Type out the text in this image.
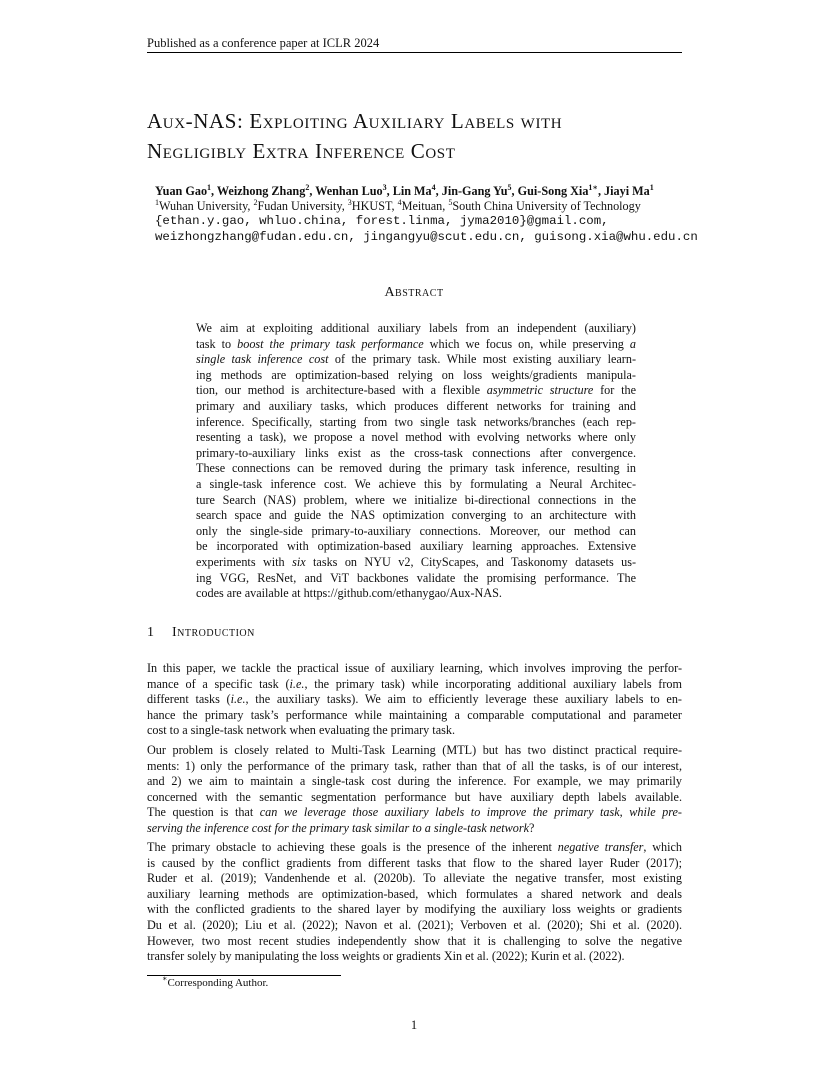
Published as a conference paper at ICLR 2024
Aux-NAS: Exploiting Auxiliary Labels with
Negligibly Extra Inference Cost
Yuan Gao$^1$, Weizhong Zhang$^2$, Wenhan Luo$^3$, Lin Ma$^4$, Jin-Gang Yu$^5$, Gui-Song Xia$^{1∗}$, Jiayi Ma$^1$
$^1$Wuhan University, $^2$Fudan University, $^3$HKUST, $^4$Meituan, $^5$South China University of Technology
{ethan.y.gao, whluo.china, forest.linma, jyma2010}@gmail.com,
weizhongzhang@fudan.edu.cn, jingangyu@scut.edu.cn, guisong.xia@whu.edu.cn
Abstract
We aim at exploiting additional auxiliary labels from an independent (auxiliary)
task to boost the primary task performance which we focus on, while preserving a
single task inference cost of the primary task. While most existing auxiliary learn-
ing methods are optimization-based relying on loss weights/gradients manipula-
tion, our method is architecture-based with a flexible asymmetric structure for the
primary and auxiliary tasks, which produces different networks for training and
inference. Specifically, starting from two single task networks/branches (each rep-
resenting a task), we propose a novel method with evolving networks where only
primary-to-auxiliary links exist as the cross-task connections after convergence.
These connections can be removed during the primary task inference, resulting in
a single-task inference cost. We achieve this by formulating a Neural Architec-
ture Search (NAS) problem, where we initialize bi-directional connections in the
search space and guide the NAS optimization converging to an architecture with
only the single-side primary-to-auxiliary connections. Moreover, our method can
be incorporated with optimization-based auxiliary learning approaches. Extensive
experiments with six tasks on NYU v2, CityScapes, and Taskonomy datasets us-
ing VGG, ResNet, and ViT backbones validate the promising performance. The
codes are available at https://github.com/ethanygao/Aux-NAS.
1 Introduction
In this paper, we tackle the practical issue of auxiliary learning, which involves improving the perfor-
mance of a specific task (i.e., the primary task) while incorporating additional auxiliary labels from
different tasks (i.e., the auxiliary tasks). We aim to efficiently leverage these auxiliary labels to en-
hance the primary task’s performance while maintaining a comparable computational and parameter
cost to a single-task network when evaluating the primary task.
Our problem is closely related to Multi-Task Learning (MTL) but has two distinct practical require-
ments: 1) only the performance of the primary task, rather than that of all the tasks, is of our interest,
and 2) we aim to maintain a single-task cost during the inference. For example, we may primarily
concerned with the semantic segmentation performance but have auxiliary depth labels available.
The question is that can we leverage those auxiliary labels to improve the primary task, while pre-
serving the inference cost for the primary task similar to a single-task network?
The primary obstacle to achieving these goals is the presence of the inherent negative transfer, which
is caused by the conflict gradients from different tasks that flow to the shared layer Ruder (2017);
Ruder et al. (2019); Vandenhende et al. (2020b). To alleviate the negative transfer, most existing
auxiliary learning methods are optimization-based, which formulates a shared network and deals
with the conflicted gradients to the shared layer by modifying the auxiliary loss weights or gradients
Du et al. (2020); Liu et al. (2022); Navon et al. (2021); Verboven et al. (2020); Shi et al. (2020).
However, two most recent studies independently show that it is challenging to solve the negative
transfer solely by manipulating the loss weights or gradients Xin et al. (2022); Kurin et al. (2022).
∗Corresponding Author.
1
